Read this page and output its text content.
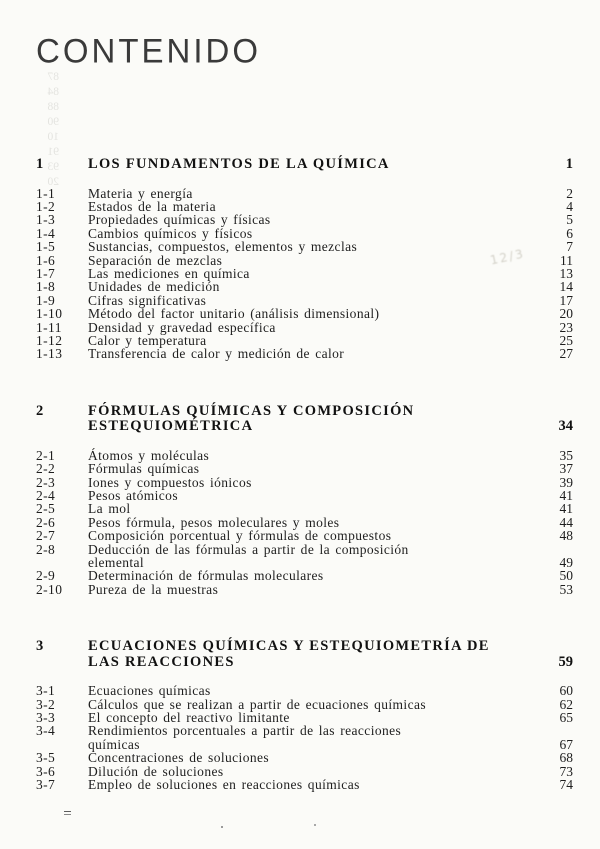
87
84
88
90
10
91
93
20
CONTENIDO
1	LOS FUNDAMENTOS DE LA QUÍMICA	1
1-1	Materia y energía	2
1-2	Estados de la materia	4
1-3	Propiedades químicas y físicas	5
1-4	Cambios químicos y físicos	6
1-5	Sustancias, compuestos, elementos y mezclas	7
1-6	Separación de mezclas	11
1-7	Las mediciones en química	13
1-8	Unidades de medición	14
1-9	Cifras significativas	17
1-10	Método del factor unitario (análisis dimensional)	20
1-11	Densidad y gravedad específica	23
1-12	Calor y temperatura	25
1-13	Transferencia de calor y medición de calor	27
2	FÓRMULAS QUÍMICAS Y COMPOSICIÓN
ESTEQUIOMÉTRICA	34
2-1	Átomos y moléculas	35
2-2	Fórmulas químicas	37
2-3	Iones y compuestos iónicos	39
2-4	Pesos atómicos	41
2-5	La mol	41
2-6	Pesos fórmula, pesos moleculares y moles	44
2-7	Composición porcentual y fórmulas de compuestos	48
2-8	Deducción de las fórmulas a partir de la composición
elemental	49
2-9	Determinación de fórmulas moleculares	50
2-10	Pureza de la muestras	53
3	ECUACIONES QUÍMICAS Y ESTEQUIOMETRÍA DE
LAS REACCIONES	59
3-1	Ecuaciones químicas	60
3-2	Cálculos que se realizan a partir de ecuaciones químicas	62
3-3	El concepto del reactivo limitante	65
3-4	Rendimientos porcentuales a partir de las reacciones
químicas	67
3-5	Concentraciones de soluciones	68
3-6	Dilución de soluciones	73
3-7	Empleo de soluciones en reacciones químicas	74
12/3
